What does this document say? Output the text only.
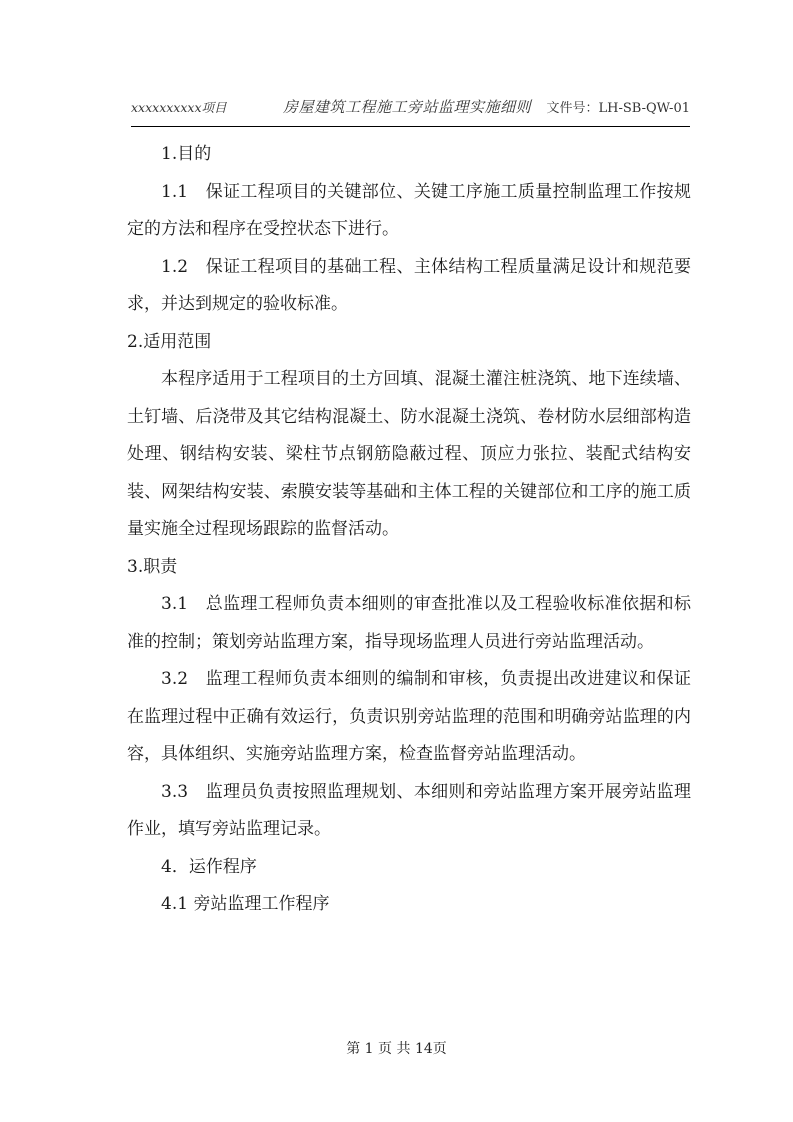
xxxxxxxxxx项目	房屋建筑工程施工旁站监理实施细则 文件号：LH-SB-QW-01

1.目的

1.1　保证工程项目的关键部位、关键工序施工质量控制监理工作按规定的方法和程序在受控状态下进行。

1.2　保证工程项目的基础工程、主体结构工程质量满足设计和规范要求，并达到规定的验收标准。

2.适用范围

本程序适用于工程项目的土方回填、混凝土灌注桩浇筑、地下连续墙、土钉墙、后浇带及其它结构混凝土、防水混凝土浇筑、卷材防水层细部构造处理、钢结构安装、梁柱节点钢筋隐蔽过程、顶应力张拉、装配式结构安装、网架结构安装、索膜安装等基础和主体工程的关键部位和工序的施工质量实施全过程现场跟踪的监督活动。

3.职责

3.1　总监理工程师负责本细则的审查批准以及工程验收标准依据和标准的控制；策划旁站监理方案，指导现场监理人员进行旁站监理活动。

3.2　监理工程师负责本细则的编制和审核，负责提出改进建议和保证在监理过程中正确有效运行，负责识别旁站监理的范围和明确旁站监理的内容，具体组织、实施旁站监理方案，检查监督旁站监理活动。

3.3　监理员负责按照监理规划、本细则和旁站监理方案开展旁站监理作业，填写旁站监理记录。

4．运作程序

4.1 旁站监理工作程序

第 1 页 共 14页
